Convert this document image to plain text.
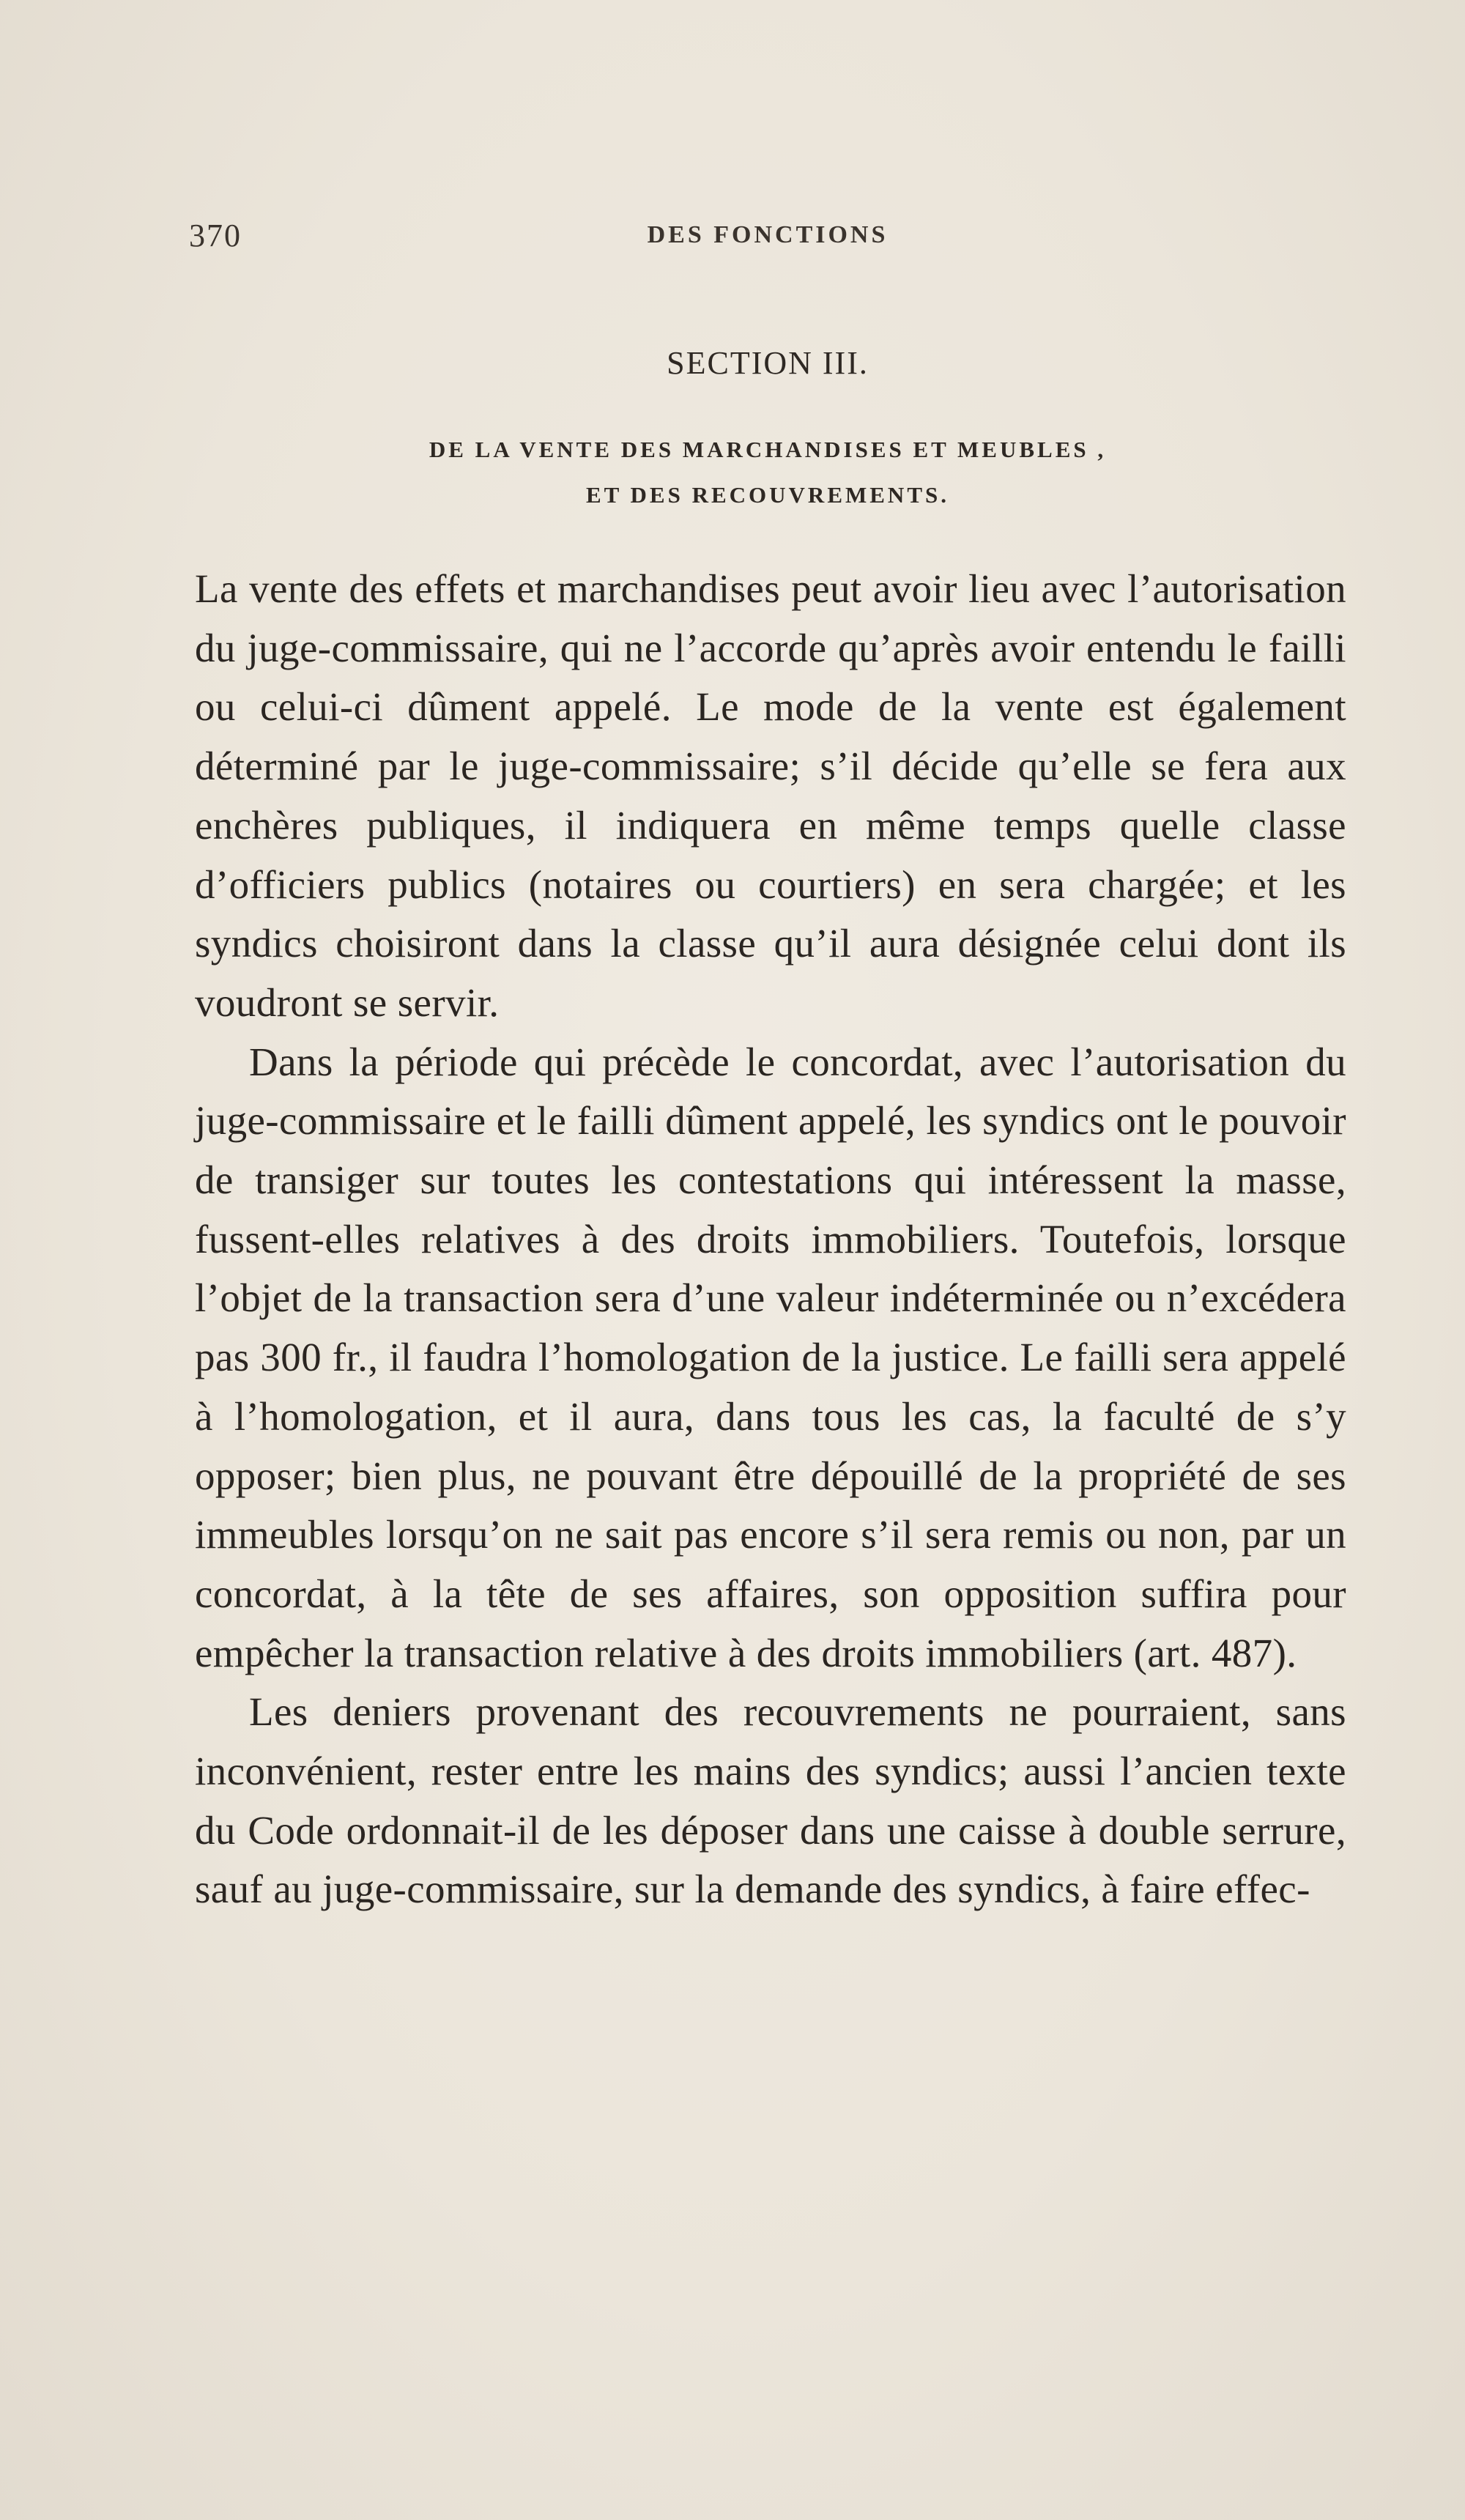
370	DES FONCTIONS
SECTION III.
DE LA VENTE DES MARCHANDISES ET MEUBLES ,
ET DES RECOUVREMENTS.

La vente des effets et marchandises peut avoir lieu avec l’autorisation du juge-commissaire, qui ne l’accorde qu’après avoir entendu le failli ou celui-ci dûment appelé. Le mode de la vente est également déterminé par le juge-commissaire; s’il décide qu’elle se fera aux enchères publiques, il indiquera en même temps quelle classe d’officiers publics (notaires ou courtiers) en sera chargée; et les syndics choisiront dans la classe qu’il aura désignée celui dont ils voudront se servir.

Dans la période qui précède le concordat, avec l’autorisation du juge-commissaire et le failli dûment appelé, les syndics ont le pouvoir de transiger sur toutes les contestations qui intéressent la masse, fussent-elles relatives à des droits immobiliers. Toutefois, lorsque l’objet de la transaction sera d’une valeur indéterminée ou n’excédera pas 300 fr., il faudra l’homologation de la justice. Le failli sera appelé à l’homologation, et il aura, dans tous les cas, la faculté de s’y opposer; bien plus, ne pouvant être dépouillé de la propriété de ses immeubles lorsqu’on ne sait pas encore s’il sera remis ou non, par un concordat, à la tête de ses affaires, son opposition suffira pour empêcher la transaction relative à des droits immobiliers (art. 487).

Les deniers provenant des recouvrements ne pourraient, sans inconvénient, rester entre les mains des syndics; aussi l’ancien texte du Code ordonnait-il de les déposer dans une caisse à double serrure, sauf au juge-commissaire, sur la demande des syndics, à faire effec-
